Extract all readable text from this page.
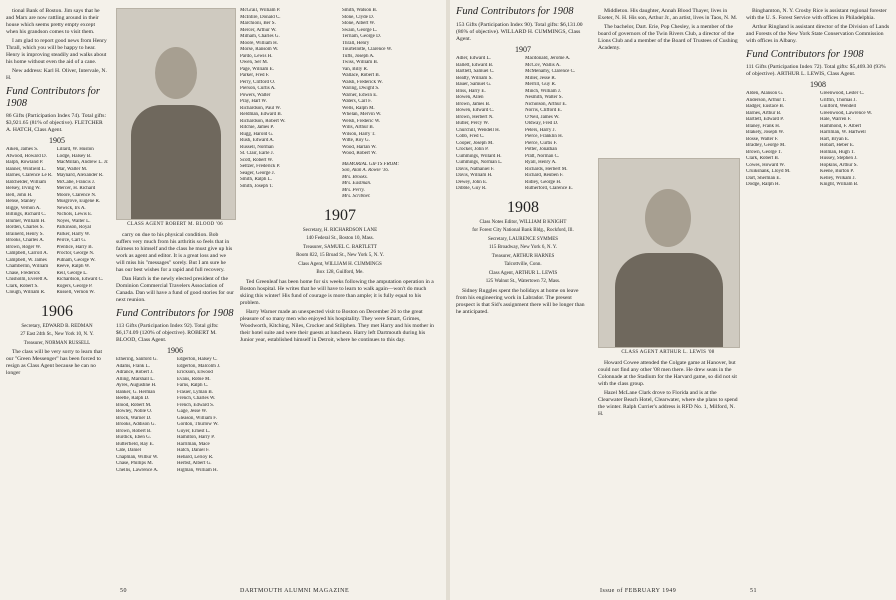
tional Bank of Boston. Jim says that he and Marx are now rattling around in their house which seems pretty empty except when his grandson comes to visit them.

I am glad to report good news from Henry Thrall, which you will be happy to hear. Henry is improving steadily and walks about his home without even the aid of a cane.

New address: Karl H. Oliver, Intervale, N. H.

Fund Contributors for 1908

86 Gifts (Participation Index 74). Total gifts: $3,921.65 (81% of objective). FLETCHER A. HATCH, Class Agent.

1905
Aiken, James S.
Atwood, Howard D.
Balph, Rowland P.
Banner, Winfield L.
Barnes, Clarence Le R.
Batchelder, William
Belsey, Irving W.
Bell, John H.
Bense, Stanley
Bigge, Vernon A.
Billings, Richard C.
Blumer, William H.
Borden, Charles S.
Brainerd, Henry S.
Brooks, Charles A.
Brown, Roger W.
Campbell, Carroll A.
Campbell, W. James
Chamberlin, William
Chase, Frederick
Chisholm, Everett A.
Clark, Robert S.
Clough, William R.
Lillard, W. Huston
Lodge, Halsey B.
MacMillan, Andrew L. Jr.
Mar, Walter M.
Maynard, Alexander R.
McCabe, Francis J.
Mercer, H. Richard
Moore, Clarence N.
Musgrove, Eugene R.
Newick, Irs A.
Nichols, Lewis E.
Noyes, Walter L.
Parkinson, Royal
Parker, Harry W.
Peirce, Carl G.
Prentice, Harry B.
Proctor, George N.
Putnam, George W.
Reeve, Ralph W.
Reil, George L.
Richardson, Edward C.
Rogers, George P.
Russell, Vernon W.
1906

Secretary, EDWARD B. REDMAN

27 East 24th St., New York 10, N. Y.

Treasurer, NORMAN RUSSELL

The class will be very sorry to learn that our "Green Messenger" has been forced to resign as Class Agent because he can no longer

CLASS AGENT ROBERT M. BLOOD '06

carry on due to his physical condition. Bob suffers very much from his arthritis so feels that in fairness to himself and the class he must give up his work as agent and editor. It is a great loss and we will miss his "messages" sorely. But I am sure he has our best wishes for a rapid and full recovery.

Dan Hatch is the newly elected president of the Dominion Commercial Travelers Association of Canada. Dan will have a fund of good stories for our next reunion.

Fund Contributors for 1908

113 Gifts (Participation Index 92). Total gifts: $6,174.09 (120% of objective). ROBERT M. BLOOD, Class Agent.

1906
Ethering, Sanford G.
Adams, Frank L.
Adrance, Robert J.
Alling, Marshall L.
Ayres, Augustine H.
Banker, G. Herman
Beetle, Ralph D.
Blood, Robert M.
Bowley, Noble O.
Brock, Warner D.
Brooks, Addison G.
Brown, Robert B.
Burdick, Eben G.
Butterfield, Ray E.
Cate, Daniel
Chapman, Wilbur W.
Chase, Phillips M.
Chellis, Lawrence A.
Edgerton, Halsey C.
Edgerton, Malcolm J.
Erickson, Elwood
Evans, Robie M.
Farns, Ralph C.
Frasier, Lyman B.
French, Charles W.
French, Edward S.
Gage, Jesse W.
Gleason, William F.
Gordon, Thurlow W.
Guyer, Ernest L.
Hamilton, Harry P.
Harriman, Mace
Hatch, Daniel F.
Hebard, Lerioy R.
Herbst, Albert G.
Higman, William H.
McGrail, William P.
McIntire, Donald C.
Marchioni, Ber S.
Mercer, Arthur W.
Milham, Charles G.
Moore, William H.
Morse, Ransom W.
Pardo, Lewis H.
Owen, Ser M.
Page, William E.
Parker, Fred F.
Perry, Clifford O.
Pierson, Curtis A.
Powers, Walter
Pray, Hart W.
Richardson, Paul W.
Reldman, Edward B.
Richardson, Robert W.
Ritchie, James P.
Rugg, Harold G.
Rush, Edward A.
Russell, Norman
St. Clair, Earle J.
Scott, Robert W.
Seltzer, Frederick P.
Seager, George J.
Smith, Ralph L.
Smith, Joseph T.
Smith, Watson B.
Stone, Clyde D.
Stone, Albert W.
Swain, George L.
Terriam, George D.
Thrall, Henry
Tourtellotte, Clarence W.
Tufts, Joseph A.
Twiss, William B.
Van, Billy R.
Wallace, Robert B.
Walsh, Frederick W.
Waring, Dwight S.
Warner, Edwin E.
Waters, Carl F.
Wells, Ralph M.
Whelan, Mervin W.
Welsh, Frederic W.
Wills, Arthur B.
Wilson, Harry T.
Witte, Roy G.
Wood, Harlan W.
Wood, Robert W.
MEMORIAL GIFTS FROM:
Son, Alan A. Rowle '16.
Mrs. Brooks.
Mrs. Eastman.
Mrs. Perry.
Mrs. Scribner.
1907

Secretary, H. RICHARDSON LANE

140 Federal St., Boston 10, Mass.

Treasurer, SAMUEL C. BARTLETT

Room 822, 15 Broad St., New York 5, N. Y.

Class Agent, WILLIAM H. CUMMINGS

Box 128, Guilford, Me.

Ted Greenleaf has been home for six weeks following the amputation operation in a Boston hospital. He writes that he will have to learn to walk again—won't do much skiing this winter! His fund of courage is more than ample; it is fully equal to his problem.

Harry Warner made an unexpected visit to Boston on December 26 to the great pleasure of so many men who enjoyed his hospitality. They were Smart, Grimes, Woodworth, Kitching, Niles, Crocker and Stiliphen. They met Harry and his mother in their hotel suite and were their guests at luncheon. Harry left Dartmouth during his Junior year, established himself in Detroit, where he continues to this day.

50	DARTMOUTH ALUMNI MAGAZINE
Fund Contributors for 1908

153 Gifts (Participation Index 90). Total gifts: $6,131.00 (86% of objective). WILLARD H. CUMMINGS, Class Agent.

1907
Adler, Edward L.
Ballett, Edward B.
Bartlett, Samuel C.
Beatty, William S.
Bauer, Samuel G.
Bliss, Harry E.
Bowen, Allen
Brown, James B.
Bowen, Edward C.
Brown, Herbert N.
Butler, Percy W.
Churchill, Wendell H.
Cobb, Fred C.
Cooper, Joseph M.
Crocker, John P.
Cummings, Willard H.
Cummings, Norman L.
Davis, Nathaniel F.
Davis, William H.
Dewey, John E.
Dibble, Guy R.
Macdonald, Jerome A.
McCov, Wallis A.
McMenamy, Clarence C.
Miller, Jesse R.
Merrill, Guy R.
Minch, William J.
Nesmith, Walter S.
Nicholson, Arthur E.
Norris, Clifford E.
O'Neil, James W.
Oldway, Fred D.
Peters, Harry J.
Pierce, Franklin H.
Pierce, Curtis F.
Potter, Jonathan
Pratt, Norman C.
Ryall, Henry A.
Richards, Herbert M.
Richard, Reuben F.
Ridley, George H.
Rutherford, Clarence E.
1908

Class Notes Editor, WILLIAM B KNIGHT

for Forest City National Bank Bldg., Rockford, Ill.

Secretary, LAURENCE SYMMES

115 Broadway, New York 6, N. Y.

Treasurer, ARTHUR HARNES

Talcottville, Conn.

Class Agent, ARTHUR L. LEWIS

125 Walnut St., Watertown 72, Mass.

Sidney Ruggles spent the holidays at home on leave from his engineering work in Labrador. The present prospect is that Sid's assignment there will be longer than he anticipated.

Middleton. His daughter, Annah Blood Thayer, lives in Exeter, N. H. His son, Arthur Jr., an artist, lives in Taos, N. M.

The bachelor, Dart. Erie, Pop Chesley, is a member of the board of governors of the Twin Rivers Club, a director of the Lions Club and a member of the Board of Trustees of Cushing Academy.

CLASS AGENT ARTHUR L. LEWIS '08

Howard Cowee attended the Colgate game at Hanover, but could not find any other '08 men there. He drew seats in the Colonnade at the Stadium for the Harvard game, so did not sit with the class group.

Hazel McLane Clark drove to Florida and is at the Clearwater Beach Hotel, Clearwater, where she plans to spend the winter. Ralph Currier's address is RFD No. 1, Milford, N. H.

Binghamton, N. Y. Crosby Rice is assistant regional forester with the U. S. Forest Service with offices in Philadelphia.

Arthur Ringland is assistant director of the Division of Lands and Forests of the New York State Conservation Commission with offices in Albany.

Fund Contributors for 1908

111 Gifts (Participation Index 72). Total gifts: $5,469.30 (93% of objective). ARTHUR L. LEWIS, Class Agent.

1908
Alden, Alanson G.
Anderson, Arthur T.
Badger, Eustace B.
Barnes, Arthur B.
Bartlett, Edward P.
Blaney, Frank H.
Blakely, Joseph W.
Bosse, Walter F.
Bradley, George M.
Brown, George T.
Clark, Robert B.
Cowes, Howard W.
Cruikshank, Lloyd M.
Dart, Sherman E.
Dodge, Ralph H.
Greenwood, Lester C.
Griffin, Thomas J.
Guilford, Wendell
Greenwood, Lawrence W.
Hale, Warren F.
Hammond, F. Albert
Harriman, W. Hartwell
Hart, Bryan E.
Hobart, Heber E.
Holman, Hugh T.
Hussey, Stephen J.
Hopkins, Arthur S.
Keene, Burton P.
Kelley, Wilkam J.
Knight, William B.
Issue of FEBRUARY 1949	51
